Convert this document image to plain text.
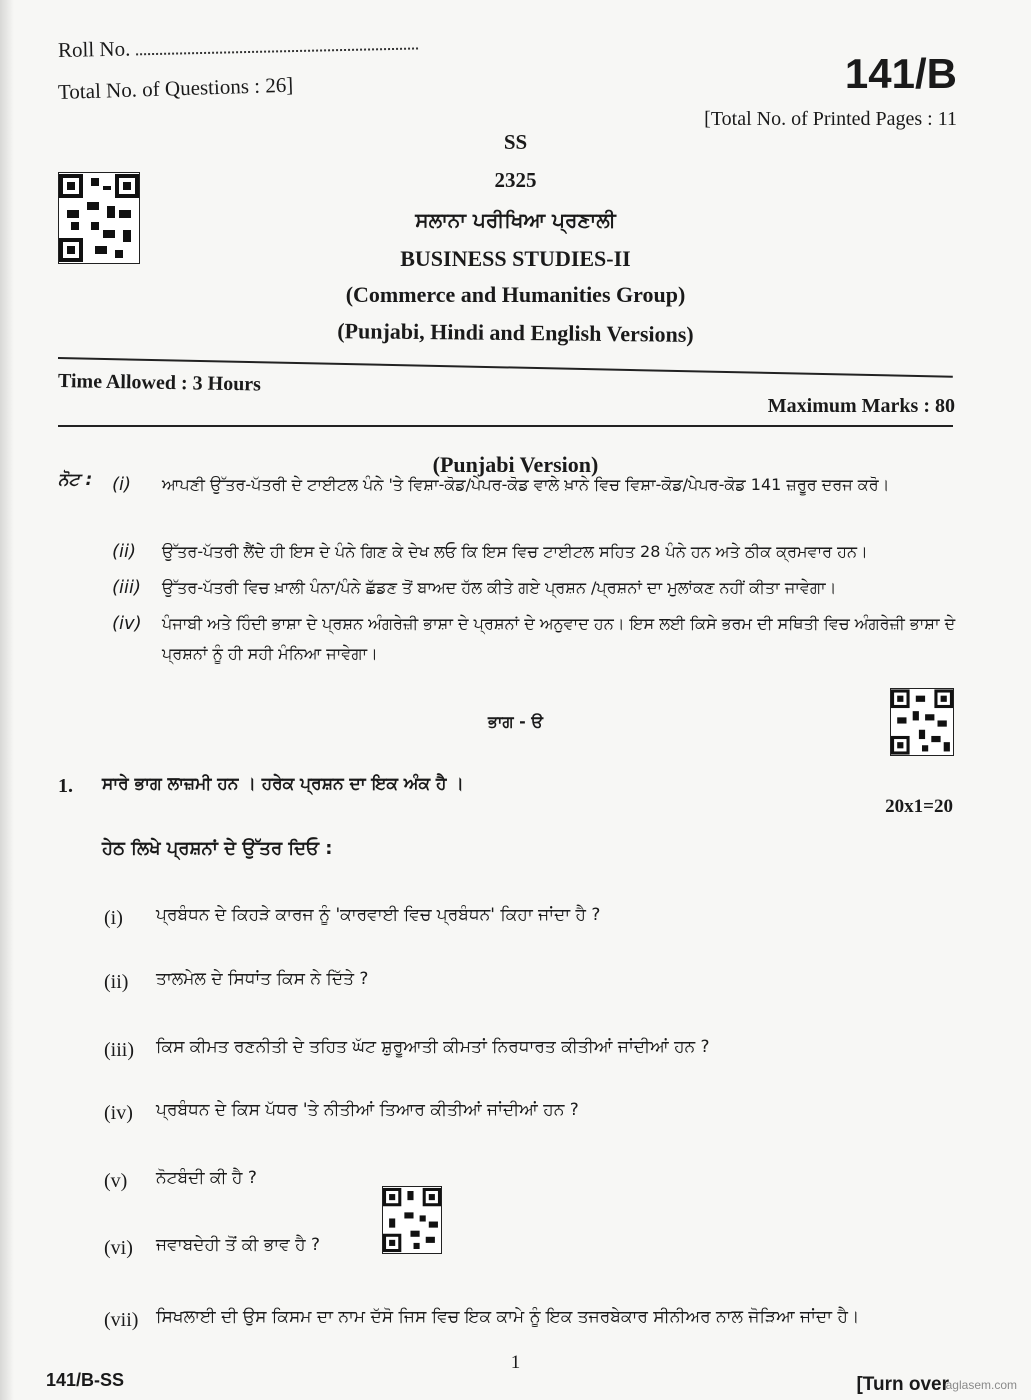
Roll No.
Total No. of Questions : 26]	141/B
[Total No. of Printed Pages : 11
SS
2325
ਸਲਾਨਾ ਪਰੀਖਿਆ ਪ੍ਰਣਾਲੀ
BUSINESS STUDIES-II
(Commerce and Humanities Group)
(Punjabi, Hindi and English Versions)
Time Allowed : 3 Hours
Maximum Marks : 80
(Punjabi Version)
ਨੋਟ : (i) ਆਪਣੀ ਉੱਤਰ-ਪੱਤਰੀ ਦੇ ਟਾਈਟਲ ਪੰਨੇ 'ਤੇ ਵਿਸ਼ਾ-ਕੋਡ/ਪੇਪਰ-ਕੋਡ ਵਾਲੇ ਖ਼ਾਨੇ ਵਿਚ ਵਿਸ਼ਾ-ਕੋਡ/ਪੇਪਰ-ਕੋਡ 141 ਜ਼ਰੂਰ ਦਰਜ ਕਰੋ।
(ii) ਉੱਤਰ-ਪੱਤਰੀ ਲੈਂਦੇ ਹੀ ਇਸ ਦੇ ਪੰਨੇ ਗਿਣ ਕੇ ਦੇਖ ਲਓ ਕਿ ਇਸ ਵਿਚ ਟਾਈਟਲ ਸਹਿਤ 28 ਪੰਨੇ ਹਨ ਅਤੇ ਠੀਕ ਕ੍ਰਮਵਾਰ ਹਨ।
(iii) ਉੱਤਰ-ਪੱਤਰੀ ਵਿਚ ਖ਼ਾਲੀ ਪੰਨਾ/ਪੰਨੇ ਛੱਡਣ ਤੋਂ ਬਾਅਦ ਹੱਲ ਕੀਤੇ ਗਏ ਪ੍ਰਸ਼ਨ /ਪ੍ਰਸ਼ਨਾਂ ਦਾ ਮੁਲਾਂਕਣ ਨਹੀਂ ਕੀਤਾ ਜਾਵੇਗਾ।
(iv) ਪੰਜਾਬੀ ਅਤੇ ਹਿੰਦੀ ਭਾਸ਼ਾ ਦੇ ਪ੍ਰਸ਼ਨ ਅੰਗਰੇਜ਼ੀ ਭਾਸ਼ਾ ਦੇ ਪ੍ਰਸ਼ਨਾਂ ਦੇ ਅਨੁਵਾਦ ਹਨ। ਇਸ ਲਈ ਕਿਸੇ ਭਰਮ ਦੀ ਸਥਿਤੀ ਵਿਚ ਅੰਗਰੇਜ਼ੀ ਭਾਸ਼ਾ ਦੇ ਪ੍ਰਸ਼ਨਾਂ ਨੂੰ ਹੀ ਸਹੀ ਮੰਨਿਆ ਜਾਵੇਗਾ।
ਭਾਗ - ੳ
1. ਸਾਰੇ ਭਾਗ ਲਾਜ਼ਮੀ ਹਨ । ਹਰੇਕ ਪ੍ਰਸ਼ਨ ਦਾ ਇਕ ਅੰਕ ਹੈ ।
20x1=20
ਹੇਠ ਲਿਖੇ ਪ੍ਰਸ਼ਨਾਂ ਦੇ ਉੱਤਰ ਦਿਓ :
(i) ਪ੍ਰਬੰਧਨ ਦੇ ਕਿਹੜੇ ਕਾਰਜ ਨੂੰ 'ਕਾਰਵਾਈ ਵਿਚ ਪ੍ਰਬੰਧਨ' ਕਿਹਾ ਜਾਂਦਾ ਹੈ ?
(ii) ਤਾਲਮੇਲ ਦੇ ਸਿਧਾਂਤ ਕਿਸ ਨੇ ਦਿੱਤੇ ?
(iii) ਕਿਸ ਕੀਮਤ ਰਣਨੀਤੀ ਦੇ ਤਹਿਤ ਘੱਟ ਸ਼ੁਰੂਆਤੀ ਕੀਮਤਾਂ ਨਿਰਧਾਰਤ ਕੀਤੀਆਂ ਜਾਂਦੀਆਂ ਹਨ ?
(iv) ਪ੍ਰਬੰਧਨ ਦੇ ਕਿਸ ਪੱਧਰ 'ਤੇ ਨੀਤੀਆਂ ਤਿਆਰ ਕੀਤੀਆਂ ਜਾਂਦੀਆਂ ਹਨ ?
(v) ਨੋਟਬੰਦੀ ਕੀ ਹੈ ?
(vi) ਜਵਾਬਦੇਹੀ ਤੋਂ ਕੀ ਭਾਵ ਹੈ ?
(vii) ਸਿਖਲਾਈ ਦੀ ਉਸ ਕਿਸਮ ਦਾ ਨਾਮ ਦੱਸੋ ਜਿਸ ਵਿਚ ਇਕ ਕਾਮੇ ਨੂੰ ਇਕ ਤਜਰਬੇਕਾਰ ਸੀਨੀਅਰ ਨਾਲ ਜੋੜਿਆ ਜਾਂਦਾ ਹੈ।
1
141/B-SS	[Turn over
aglasem.com
